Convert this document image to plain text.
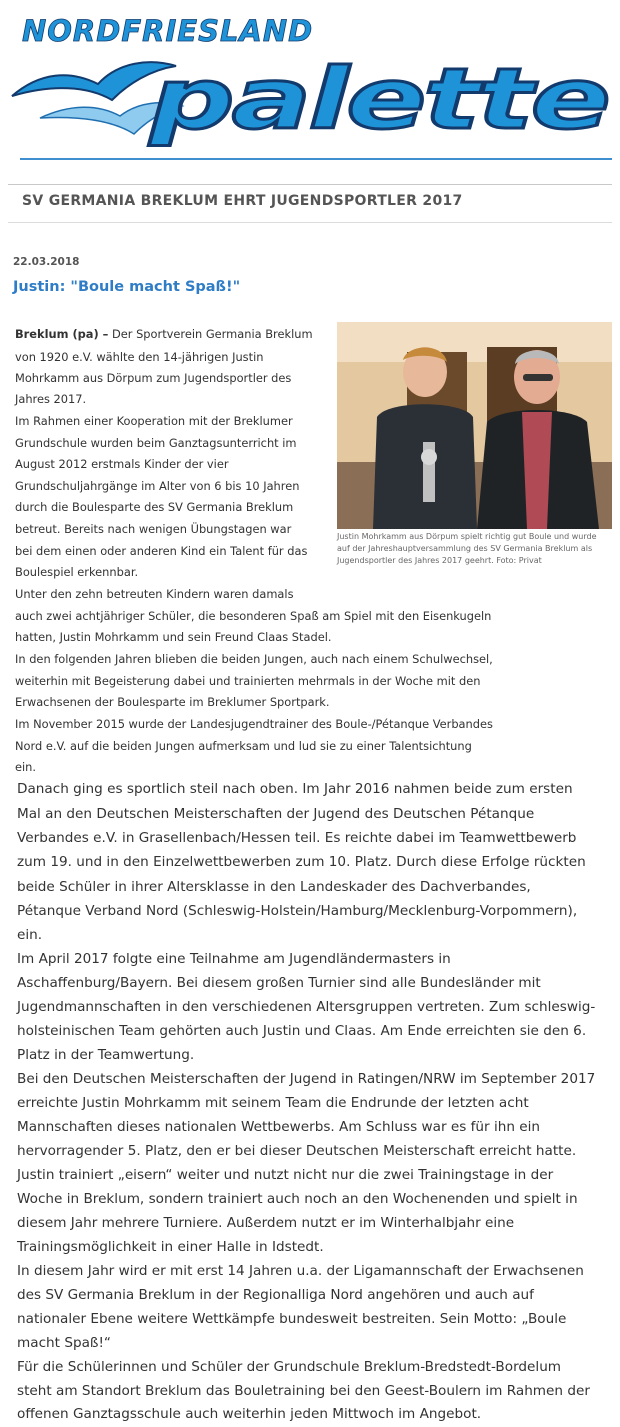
NORDFRIESLAND
palette
SV GERMANIA BREKLUM EHRT JUGENDSPORTLER 2017
22.03.2018
Justin: "Boule macht Spaß!"
Breklum (pa) – Der Sportverein Germania Breklum
von 1920 e.V. wählte den 14-jährigen Justin
Mohrkamm aus Dörpum zum Jugendsportler des
Jahres 2017.
Im Rahmen einer Kooperation mit der Breklumer
Grundschule wurden beim Ganztagsunterricht im
August 2012 erstmals Kinder der vier
Grundschuljahrgänge im Alter von 6 bis 10 Jahren
durch die Boulesparte des SV Germania Breklum
betreut. Bereits nach wenigen Übungstagen war
bei dem einen oder anderen Kind ein Talent für das
Boulespiel erkennbar.
Justin Mohrkamm aus Dörpum spielt richtig gut Boule und wurde
auf der Jahreshauptversammlung des SV Germania Breklum als
Jugendsportler des Jahres 2017 geehrt. Foto: Privat
Unter den zehn betreuten Kindern waren damals
auch zwei achtjähriger Schüler, die besonderen Spaß am Spiel mit den Eisenkugeln
hatten, Justin Mohrkamm und sein Freund Claas Stadel.
In den folgenden Jahren blieben die beiden Jungen, auch nach einem Schulwechsel,
weiterhin mit Begeisterung dabei und trainierten mehrmals in der Woche mit den
Erwachsenen der Boulesparte im Breklumer Sportpark.
Im November 2015 wurde der Landesjugendtrainer des Boule-/Pétanque Verbandes
Nord e.V. auf die beiden Jungen aufmerksam und lud sie zu einer Talentsichtung
ein.
Danach ging es sportlich steil nach oben. Im Jahr 2016 nahmen beide zum ersten
Mal an den Deutschen Meisterschaften der Jugend des Deutschen Pétanque
Verbandes e.V. in Grasellenbach/Hessen teil. Es reichte dabei im Teamwettbewerb
zum 19. und in den Einzelwettbewerben zum 10. Platz. Durch diese Erfolge rückten
beide Schüler in ihrer Altersklasse in den Landeskader des Dachverbandes,
Pétanque Verband Nord (Schleswig-Holstein/Hamburg/Mecklenburg-Vorpommern),
ein.
Im April 2017 folgte eine Teilnahme am Jugendländermasters in
Aschaffenburg/Bayern. Bei diesem großen Turnier sind alle Bundesländer mit
Jugendmannschaften in den verschiedenen Altersgruppen vertreten. Zum schleswig-
holsteinischen Team gehörten auch Justin und Claas. Am Ende erreichten sie den 6.
Platz in der Teamwertung.
Bei den Deutschen Meisterschaften der Jugend in Ratingen/NRW im September 2017
erreichte Justin Mohrkamm mit seinem Team die Endrunde der letzten acht
Mannschaften dieses nationalen Wettbewerbs. Am Schluss war es für ihn ein
hervorragender 5. Platz, den er bei dieser Deutschen Meisterschaft erreicht hatte.
Justin trainiert „eisern“ weiter und nutzt nicht nur die zwei Trainingstage in der
Woche in Breklum, sondern trainiert auch noch an den Wochenenden und spielt in
diesem Jahr mehrere Turniere. Außerdem nutzt er im Winterhalbjahr eine
Trainingsmöglichkeit in einer Halle in Idstedt.
In diesem Jahr wird er mit erst 14 Jahren u.a. der Ligamannschaft der Erwachsenen
des SV Germania Breklum in der Regionalliga Nord angehören und auch auf
nationaler Ebene weitere Wettkämpfe bundesweit bestreiten. Sein Motto: „Boule
macht Spaß!“
Für die Schülerinnen und Schüler der Grundschule Breklum-Bredstedt-Bordelum
steht am Standort Breklum das Bouletraining bei den Geest-Boulern im Rahmen der
offenen Ganztagsschule auch weiterhin jeden Mittwoch im Angebot.
